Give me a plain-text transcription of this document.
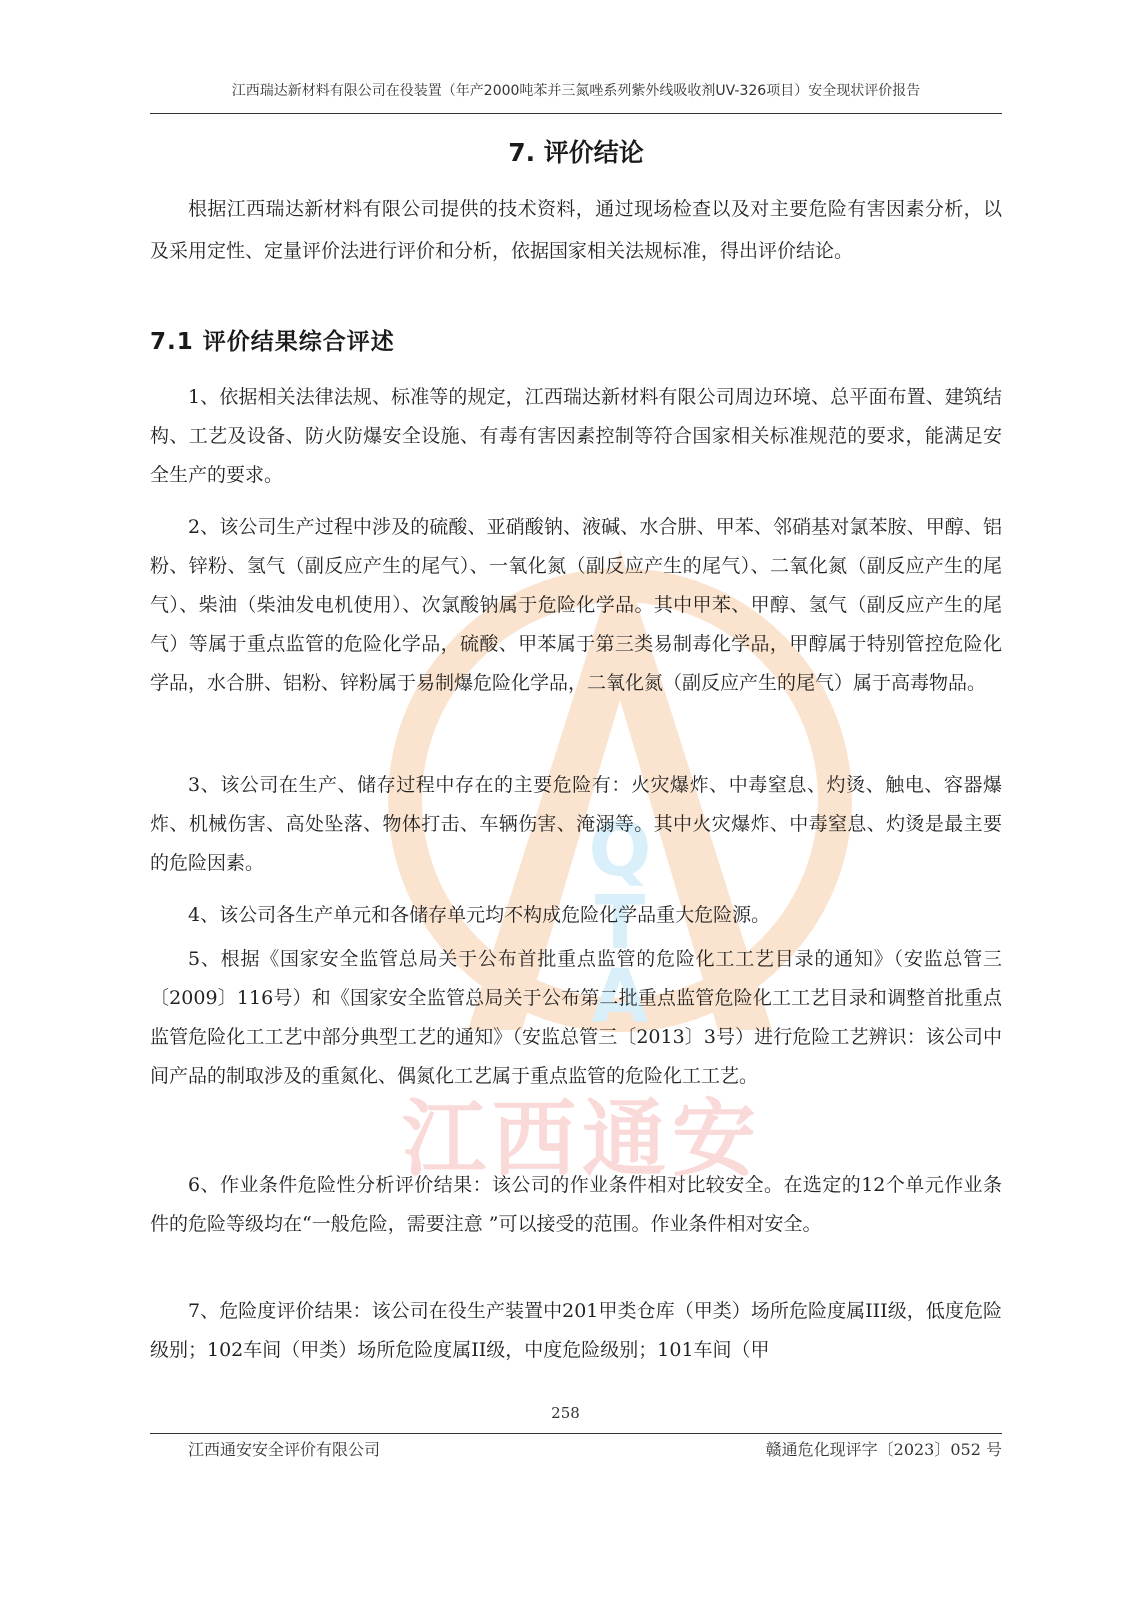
Q
T
A
江西通安
江西瑞达新材料有限公司在役装置（年产2000吨苯并三氮唑系列紫外线吸收剂UV-326项目）安全现状评价报告
7. 评价结论

根据江西瑞达新材料有限公司提供的技术资料，通过现场检查以及对主要危险有害因素分析，以及采用定性、定量评价法进行评价和分析，依据国家相关法规标准，得出评价结论。

7.1 评价结果综合评述

1、依据相关法律法规、标准等的规定，江西瑞达新材料有限公司周边环境、总平面布置、建筑结构、工艺及设备、防火防爆安全设施、有毒有害因素控制等符合国家相关标准规范的要求，能满足安全生产的要求。

2、该公司生产过程中涉及的硫酸、亚硝酸钠、液碱、水合肼、甲苯、邻硝基对氯苯胺、甲醇、铝粉、锌粉、氢气（副反应产生的尾气）、一氧化氮（副反应产生的尾气）、二氧化氮（副反应产生的尾气）、柴油（柴油发电机使用）、次氯酸钠属于危险化学品。其中甲苯、甲醇、氢气（副反应产生的尾气）等属于重点监管的危险化学品，硫酸、甲苯属于第三类易制毒化学品，甲醇属于特别管控危险化学品，水合肼、铝粉、锌粉属于易制爆危险化学品，二氧化氮（副反应产生的尾气）属于高毒物品。

3、该公司在生产、储存过程中存在的主要危险有：火灾爆炸、中毒窒息、灼烫、触电、容器爆炸、机械伤害、高处坠落、物体打击、车辆伤害、淹溺等。其中火灾爆炸、中毒窒息、灼烫是最主要的危险因素。

4、该公司各生产单元和各储存单元均不构成危险化学品重大危险源。

5、根据《国家安全监管总局关于公布首批重点监管的危险化工工艺目录的通知》（安监总管三〔2009〕116号）和《国家安全监管总局关于公布第二批重点监管危险化工工艺目录和调整首批重点监管危险化工工艺中部分典型工艺的通知》（安监总管三〔2013〕3号）进行危险工艺辨识：该公司中间产品的制取涉及的重氮化、偶氮化工艺属于重点监管的危险化工工艺。

6、作业条件危险性分析评价结果：该公司的作业条件相对比较安全。在选定的12个单元作业条件的危险等级均在“一般危险，需要注意 ”可以接受的范围。作业条件相对安全。

7、危险度评价结果：该公司在役生产装置中201甲类仓库（甲类）场所危险度属III级，低度危险级别；102车间（甲类）场所危险度属II级，中度危险级别；101车间（甲

258
江西通安安全评价有限公司	赣通危化现评字〔2023〕052 号
